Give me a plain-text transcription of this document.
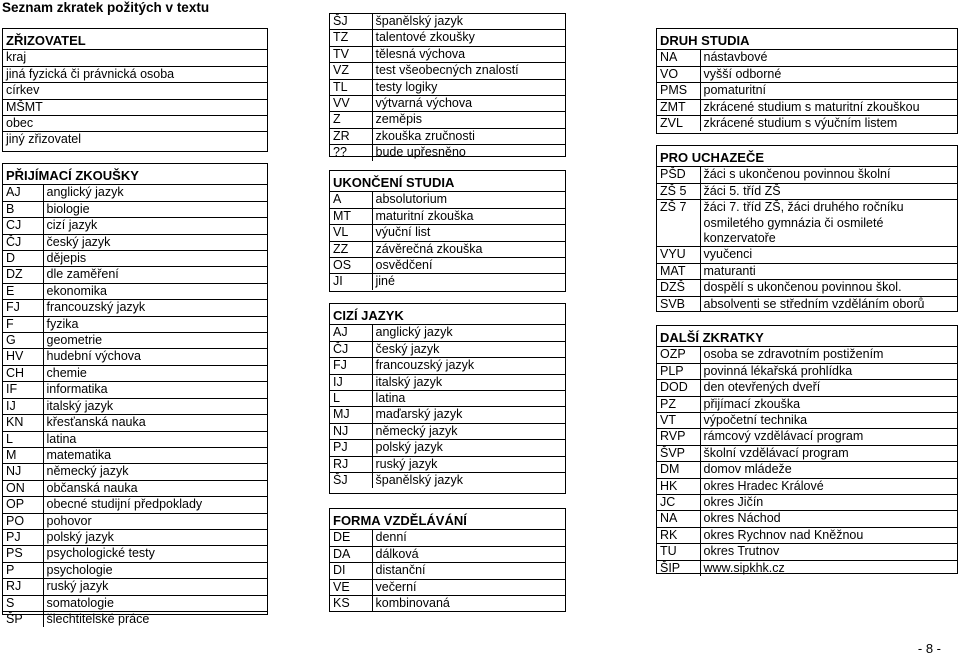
Seznam zkratek požitých v textu
ZŘIZOVATEL
kraj
jiná fyzická či právnická osoba
církev
MŠMT
obec
jiný zřizovatel
PŘIJÍMACÍ ZKOUŠKY	
AJ	anglický jazyk
B	biologie
CJ	cizí jazyk
ČJ	český jazyk
D	dějepis
DZ	dle zaměření
E	ekonomika
FJ	francouzský jazyk
F	fyzika
G	geometrie
HV	hudební výchova
CH	chemie
IF	informatika
IJ	italský jazyk
KN	křesťanská nauka
L	latina
M	matematika
NJ	německý jazyk
ON	občanská nauka
OP	obecné studijní předpoklady
PO	pohovor
PJ	polský jazyk
PS	psychologické testy
P	psychologie
RJ	ruský jazyk
S	somatologie
ŠP	šlechtitelské práce
ŠJ	španělský jazyk
TZ	talentové zkoušky
TV	tělesná výchova
VZ	test všeobecných znalostí
TL	testy logiky
VV	výtvarná výchova
Z	zeměpis
ZR	zkouška zručnosti
??	bude upřesněno
UKONČENÍ STUDIA	
A	absolutorium
MT	maturitní zkouška
VL	výuční list
ZZ	závěrečná zkouška
OS	osvědčení
JI	jiné
CIZÍ JAZYK	
AJ	anglický jazyk
ČJ	český jazyk
FJ	francouzský jazyk
IJ	italský jazyk
L	latina
MJ	maďarský jazyk
NJ	německý jazyk
PJ	polský jazyk
RJ	ruský jazyk
ŠJ	španělský jazyk
FORMA VZDĚLÁVÁNÍ	
DE	denní
DA	dálková
DI	distanční
VE	večerní
KS	kombinovaná
DRUH STUDIA	
NA	nástavbové
VO	vyšší odborné
PMS	pomaturitní
ZMT	zkrácené studium s maturitní zkouškou
ZVL	zkrácené studium s výučním listem
PRO UCHAZEČE	
PŠD	žáci s ukončenou povinnou školní
ZŠ 5	žáci 5. tříd ZŠ
ZŠ 7	žáci 7. tříd ZŠ, žáci druhého ročníku osmiletého gymnázia či osmileté konzervatoře
VYU	vyučenci
MAT	maturanti
DZŠ	dospělí s ukončenou povinnou škol.
SVB	absolventi se středním vzděláním oborů
DALŠÍ ZKRATKY	
OZP	osoba se zdravotním postižením
PLP	povinná lékařská prohlídka
DOD	den otevřených dveří
PZ	přijímací zkouška
VT	výpočetní technika
RVP	rámcový vzdělávací program
ŠVP	školní vzdělávací program
DM	domov mládeže
HK	okres Hradec Králové
JC	okres Jičín
NA	okres Náchod
RK	okres Rychnov nad Kněžnou
TU	okres Trutnov
ŠIP	www.sipkhk.cz
- 8 -
